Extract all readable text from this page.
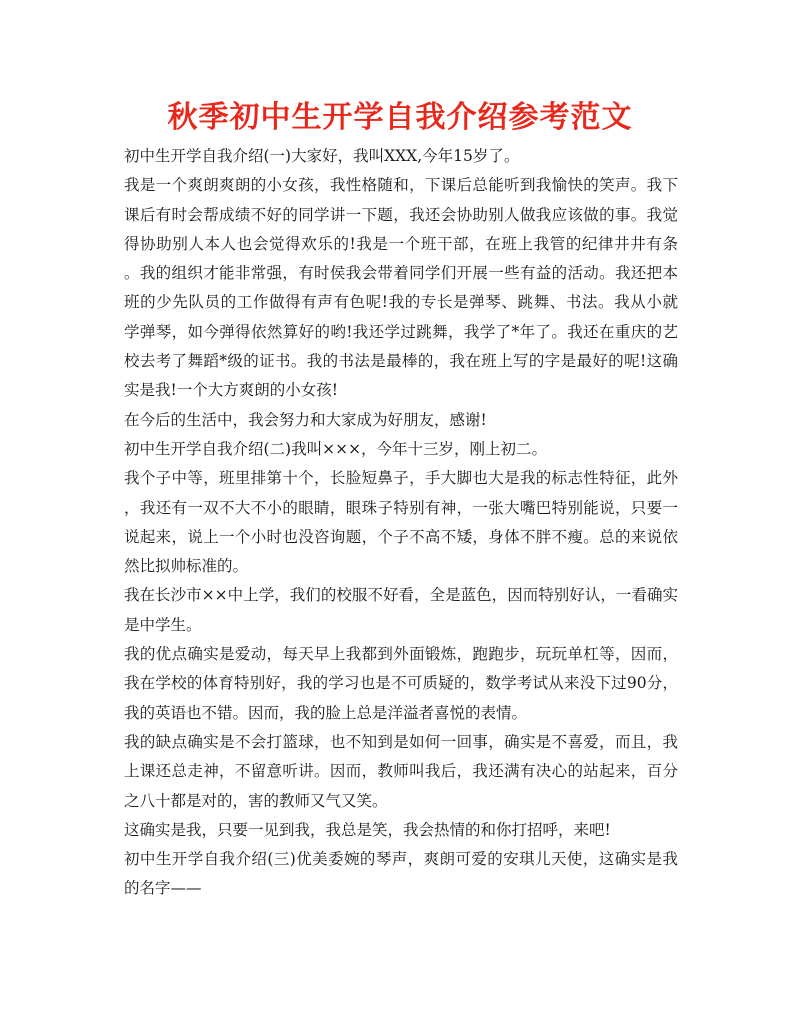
秋季初中生开学自我介绍参考范文
初中生开学自我介绍(一)大家好，我叫XXX,今年15岁了。
我是一个爽朗爽朗的小女孩，我性格随和，下课后总能听到我愉快的笑声。我下
课后有时会帮成绩不好的同学讲一下题，我还会协助别人做我应该做的事。我觉
得协助别人本人也会觉得欢乐的!我是一个班干部，在班上我管的纪律井井有条
。我的组织才能非常强，有时侯我会带着同学们开展一些有益的活动。我还把本
班的少先队员的工作做得有声有色呢!我的专长是弹琴、跳舞、书法。我从小就
学弹琴，如今弹得依然算好的哟!我还学过跳舞，我学了*年了。我还在重庆的艺
校去考了舞蹈*级的证书。我的书法是最棒的，我在班上写的字是最好的呢!这确
实是我!一个大方爽朗的小女孩!
在今后的生活中，我会努力和大家成为好朋友，感谢!
初中生开学自我介绍(二)我叫×××，今年十三岁，刚上初二。
我个子中等，班里排第十个，长脸短鼻子，手大脚也大是我的标志性特征，此外
，我还有一双不大不小的眼睛，眼珠子特别有神，一张大嘴巴特别能说，只要一
说起来，说上一个小时也没咨询题，个子不高不矮，身体不胖不瘦。总的来说依
然比拟帅标准的。
我在长沙市××中上学，我们的校服不好看，全是蓝色，因而特别好认，一看确实
是中学生。
我的优点确实是爱动，每天早上我都到外面锻炼，跑跑步，玩玩单杠等，因而，
我在学校的体育特别好，我的学习也是不可质疑的，数学考试从来没下过90分，
我的英语也不错。因而，我的脸上总是洋溢者喜悦的表情。
我的缺点确实是不会打篮球，也不知到是如何一回事，确实是不喜爱，而且，我
上课还总走神，不留意听讲。因而，教师叫我后，我还满有决心的站起来，百分
之八十都是对的，害的教师又气又笑。
这确实是我，只要一见到我，我总是笑，我会热情的和你打招呼，来吧!
初中生开学自我介绍(三)优美委婉的琴声，爽朗可爱的安琪儿天使，这确实是我
的名字——
